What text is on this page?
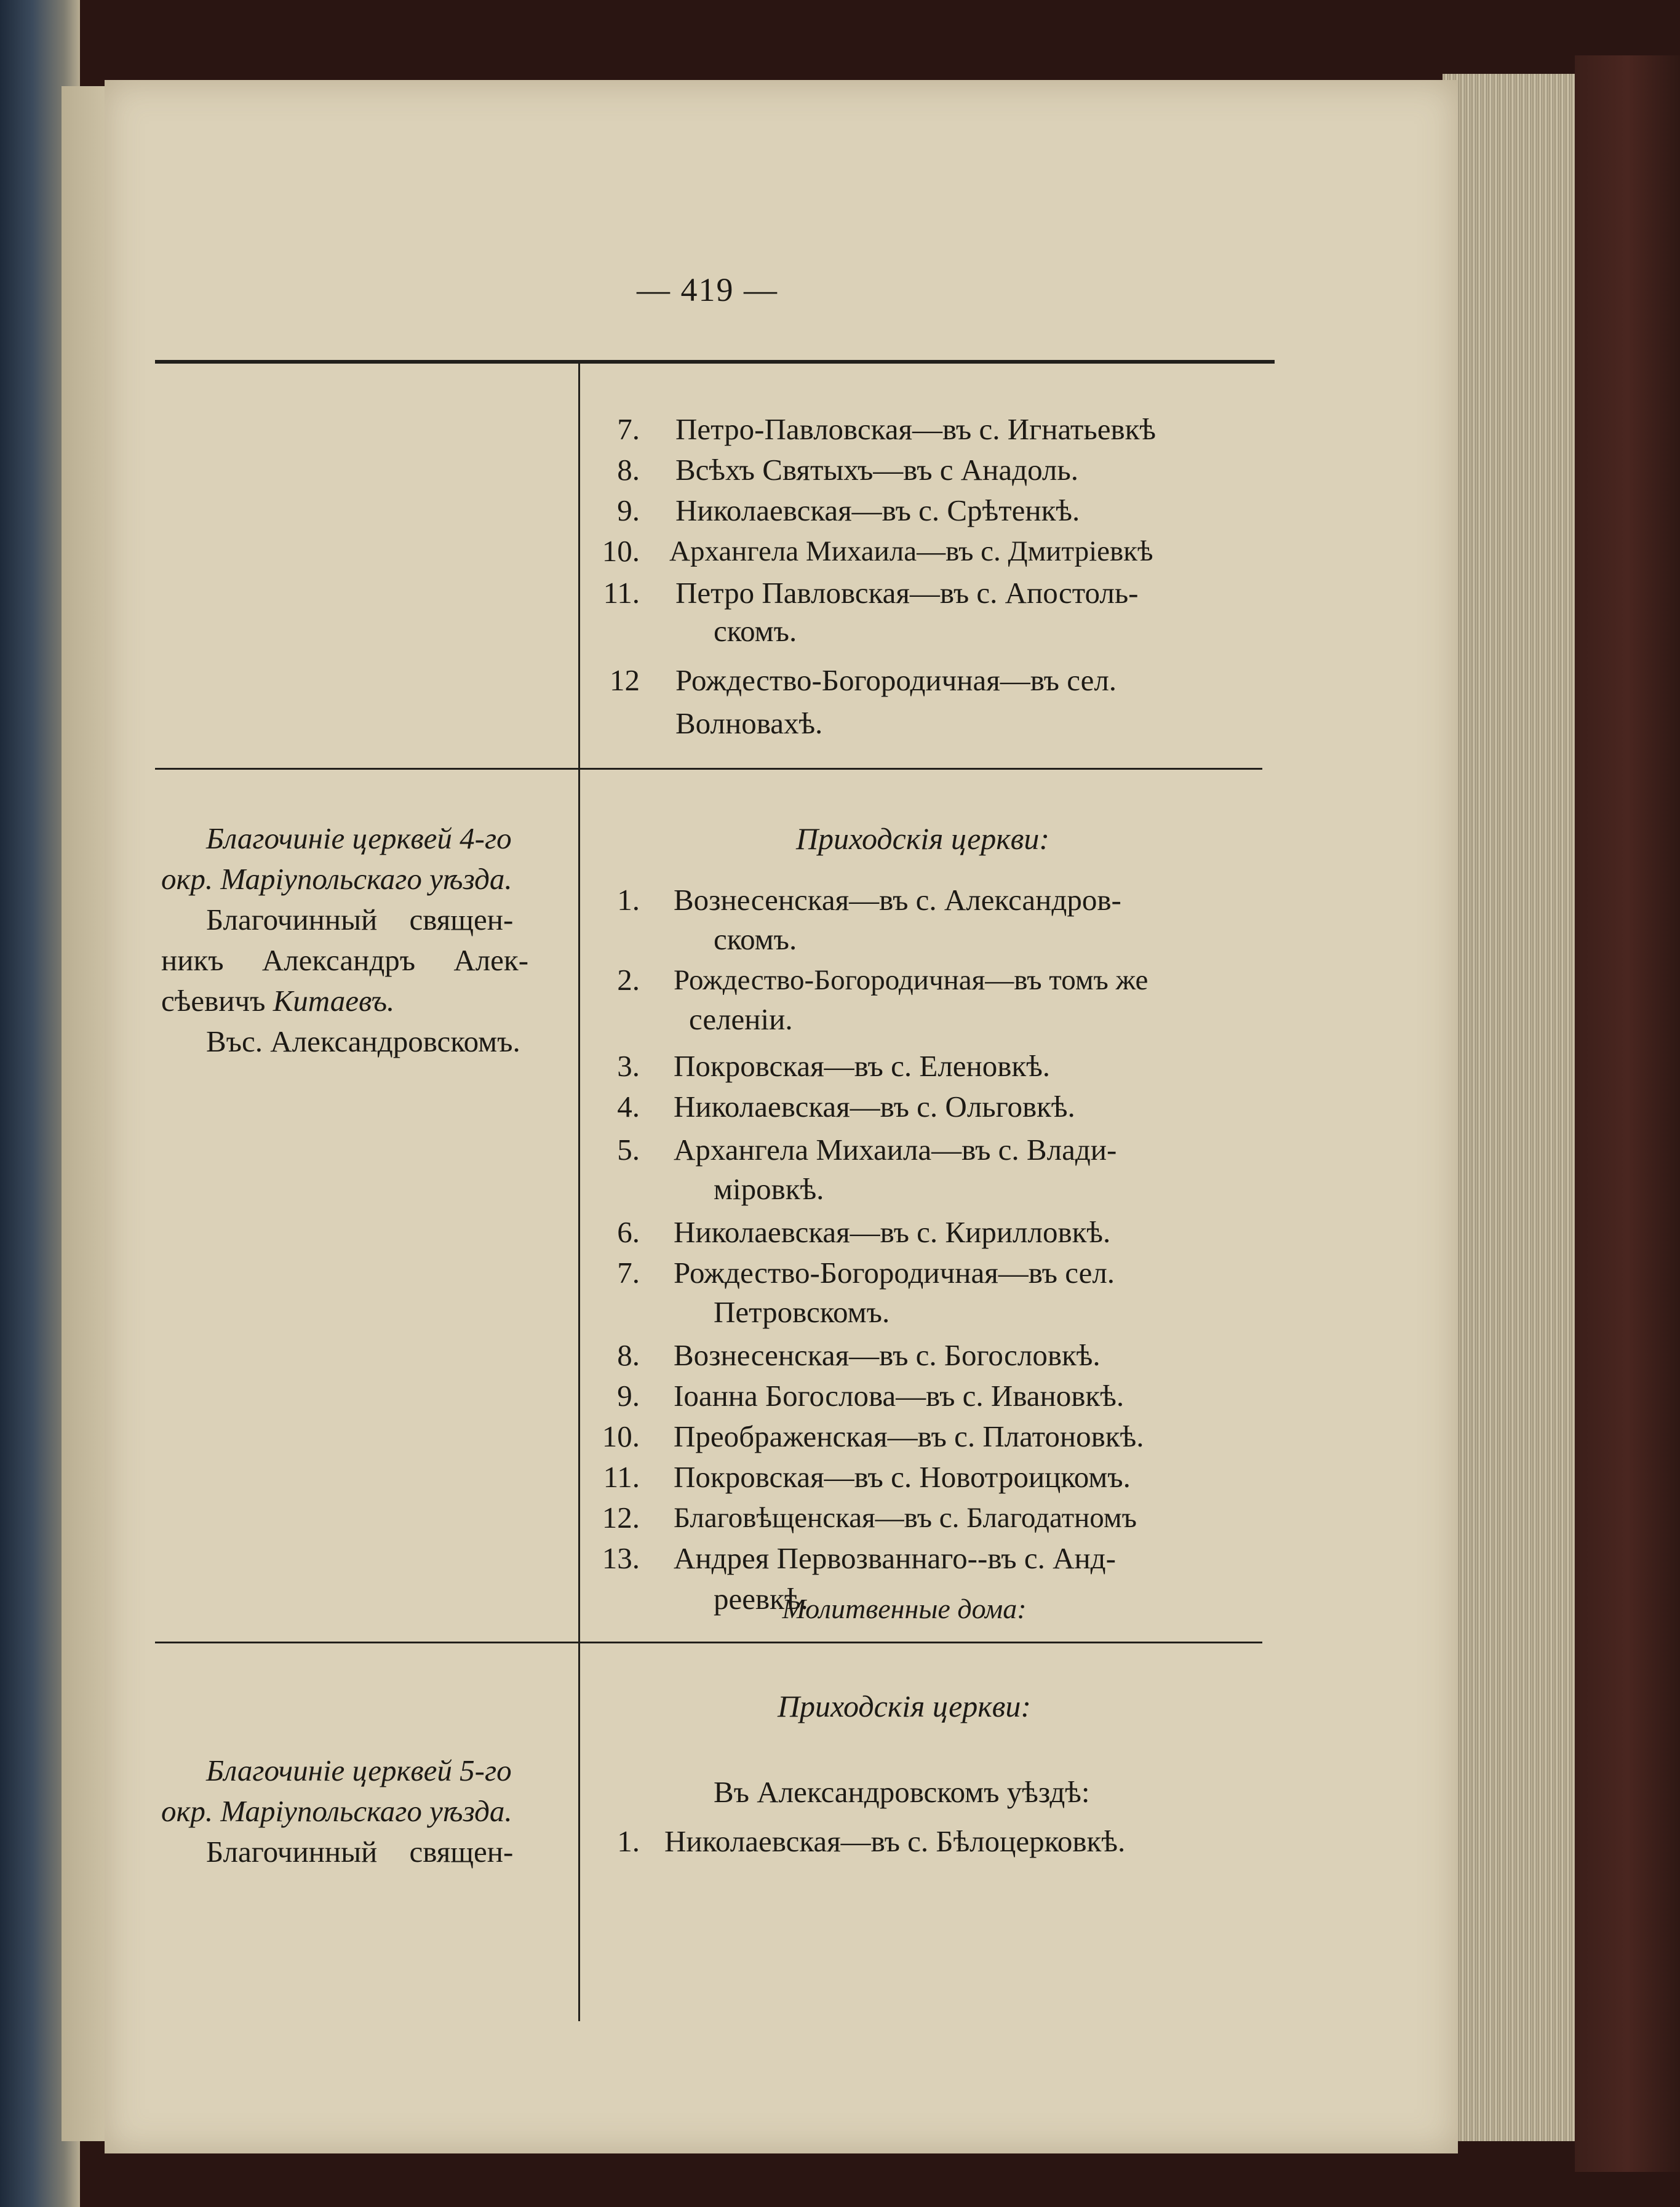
— 419 —
7. Петро-Павловская—въ с. Игнатьевкѣ
8. Всѣхъ Святыхъ—въ с Анадоль.
9. Николаевская—въ с. Срѣтенкѣ.
10. Архангела Михаила—въ с. Дмитріевкѣ
11. Петро Павловская—въ с. Апостоль-
скомъ.
12 Рождество-Богородичная—въ сел.
Волновахѣ.
Благочиніе церквей 4-го
окр. Маріупольскаго уѣзда.
Благочинный священ-
никъ Александръ Алек-
сѣевичъ Китаевъ.
Въс. Александровскомъ.
Приходскія церкви:
1. Вознесенская—въ с. Александров-
скомъ.
2. Рождество-Богородичная—въ томъ же
селеніи.
3. Покровская—въ с. Еленовкѣ.
4. Николаевская—въ с. Ольговкѣ.
5. Архангела Михаила—въ с. Влади-
міровкѣ.
6. Николаевская—въ с. Кирилловкѣ.
7. Рождество-Богородичная—въ сел.
Петровскомъ.
8. Вознесенская—въ с. Богословкѣ.
9. Іоанна Богослова—въ с. Ивановкѣ.
10. Преображенская—въ с. Платоновкѣ.
11. Покровская—въ с. Новотроицкомъ.
12. Благовѣщенская—въ с. Благодатномъ
13. Андрея Первозваннаго--въ с. Анд-
реевкѣ.
Благочиніе церквей 5-го
окр. Маріупольскаго уѣзда.
Благочинный священ-
Приходскія церкви:
Въ Александровскомъ уѣздѣ:
1. Николаевская—въ с. Бѣлоцерковкѣ.
Молитвенные дома:
